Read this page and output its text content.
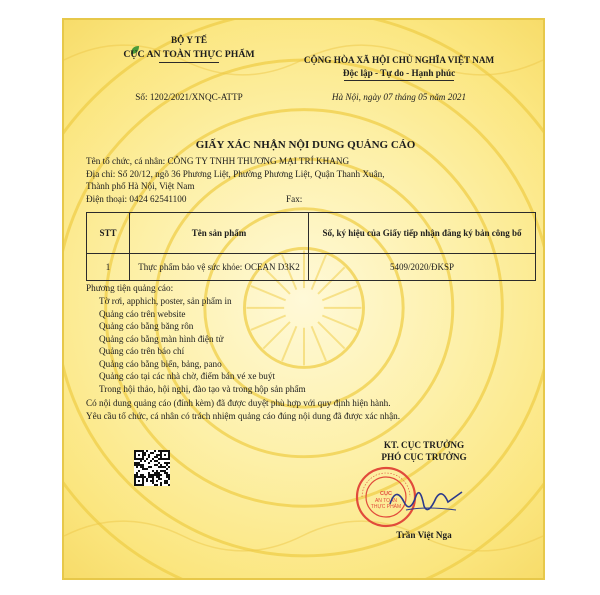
BỘ Y TẾ
CỤC AN TOÀN THỰC PHẨM
Số: 1202/2021/XNQC-ATTP
CỘNG HÒA XÃ HỘI CHỦ NGHĨA VIỆT NAM
Độc lập - Tự do - Hạnh phúc
Hà Nội, ngày 07 tháng 05 năm 2021
GIẤY XÁC NHẬN NỘI DUNG QUẢNG CÁO
Tên tổ chức, cá nhân: CÔNG TY TNHH THƯƠNG MẠI TRÍ KHANG
Địa chỉ: Số 20/12, ngõ 36 Phương Liệt, Phường Phương Liệt, Quận Thanh Xuân,
Thành phố Hà Nội, Việt Nam
Điện thoại: 0424 62541100	Fax:
STT	Tên sản phẩm	Số, ký hiệu của Giấy tiếp nhận đăng ký bản công bố
1	Thực phẩm bảo vệ sức khỏe: OCEAN D3K2	5409/2020/ĐKSP
Phương tiện quảng cáo:
Tờ rơi, apphich, poster, sản phẩm in
Quảng cáo trên website
Quảng cáo bằng băng rôn
Quảng cáo bằng màn hình điện tử
Quảng cáo trên báo chí
Quảng cáo bằng biển, bảng, pano
Quảng cáo tại các nhà chờ, điểm bán vé xe buýt
Trong hội thảo, hội nghị, đào tạo và trong hộp sản phẩm
Có nội dung quảng cáo (đính kèm) đã được duyệt phù hợp với quy định hiện hành.
Yêu cầu tổ chức, cá nhân có trách nhiệm quảng cáo đúng nội dung đã được xác nhận.
KT. CỤC TRƯỞNG
PHÓ CỤC TRƯỞNG
CỤC
AN TOÀN
THỰC PHẨM
Trần Việt Nga
